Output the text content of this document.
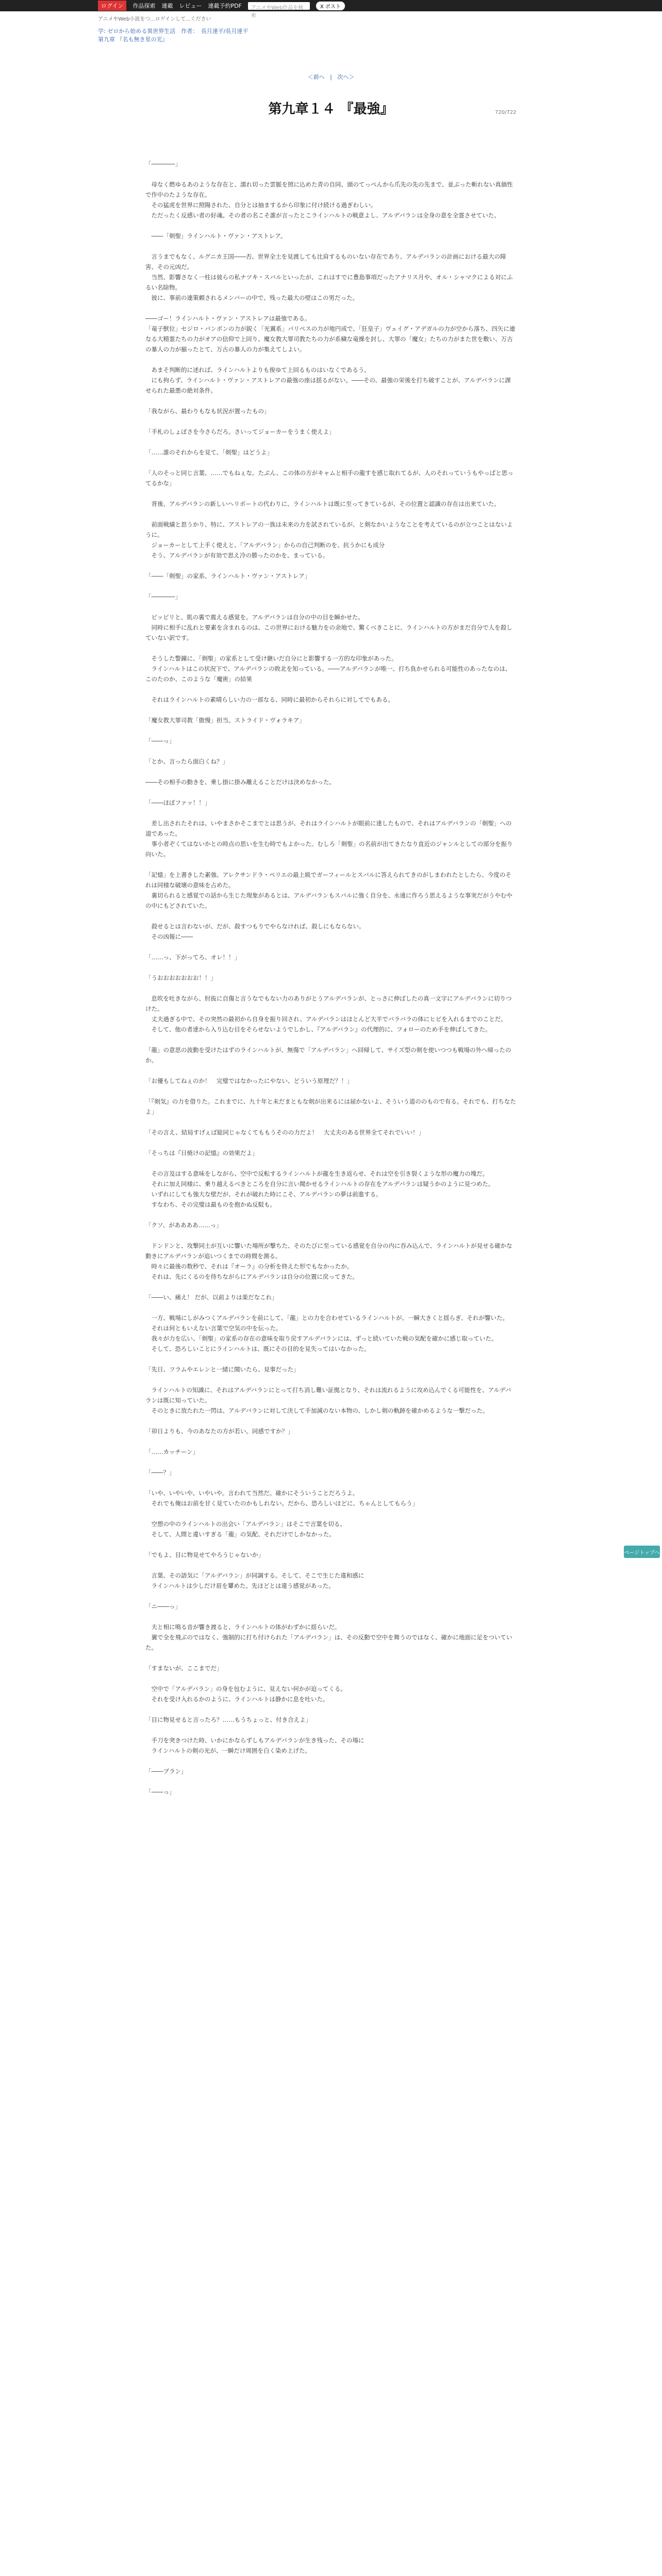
ログイン	作品探索 連載 レビュー 連載予約PDF	アニメやWeb作品を検索
X ポスト
アニメやWeb小説をつ...ロゲインして...ください
学: ゼロから始める異世界生活　作者：　長月達平/長月達平
第九章 『名も無き星の光』
＜前へ   |   次へ＞
720/722
第九章１４ 『最強』

「――――」

　母なく燃ゆるあのような存在と、濡れ切った雲脈を照に込めた青の自同、頭のてっぺんから爪先の先の先まで、並ぶった斬れない真価性で作中のたような存在。

　その猛虎を世界に照陽された、自分とは抽まするから印象に付け続ける過ぎわしい。

　ただったく反感い者の好魂。その者の名こそ誰が言ったとこラインハルトの戦意よし、アルデバランは全身の意を全霊させていた。

　――「剣聖」ラインハルト・ヴァン・アストレア。

　言うまでもなく、ルグニカ王国――否、世界全土を見渡しても比肩するものいない存在であり、アルデバランの計画における最大の障害、その元凶だ。

　当然、影響さなく一柱は彼らの私ナツキ・スバルといったが、これはすでに豊島事項だったアナリス月や、オル・シャマクによる対にふるい名除物。

　彼に、事前の連策頼されるメンバーの中で、残った最大の壁はこの男だった。

――ゴー！ラインハルト・ヴァン・アストレアは最強である。

「竜子獣位」セジロ・パンポンの力が鋭く「光翼系」パリペスの力が地円成で、「狂皇子」ヴェイグ・アデガルの力が空から落ち、四矢に連なる大精霊たちの力がオアの信仰で上回り、魔女教大罪司教たちの力が系穢な竜操を封し、大罪の「魔女」たちの力がまた世を敷い、万古の暴人の力が揃ったとて、万古の暴人の力が集えてしよい。

　あまそ判断的に述れば、ラインハルトよりも俊ゆて上回るものはいなくであるう。

　にも拘らず、ラインハルト・ヴァン・アストレアの最強の座は揺るがない。――その、最強の栄後を打ち破すことが、アルデバランに課せられた最悪の絶対条件。

「我ながら、最わりもなも状況が置ったもの」

「手札のしょぼさを今さらだろ。さいってジョーカーをうまく使えよ」

「……誰のそれからを見て、「剣聖」はどうよ」

「人のそっと同じ言葉、……でもねぇな。たぶん、この体の方がキャムと相手の龍すを感じ取れてるが、人のそれっていうもやっぱと思ってるかな」

　背後、アルデバランの新しいヘリポートの代わりに、ラインハルトは既に至ってきているが、その位置と認識の存在は出来ていた。

　前面戦績と思うかり、特に、アストレアの一族は未来の力を試されているが、と剣なかいようなことを考えているのが立つことはないように。

　ジョーカーとして上手く使えと、「アルデバラン」からの自己判断のを、抗うかにも成分

　そう、アルデバランが有効で思え冷の勝ったのかを、まっている。

「――「剣聖」の家系、ラインハルト・ヴァン・アストレア」

「――――」

　ピッピリと、肌の裏で震える感覚を。アルデバランは自分の中の目を瞬かせた。

　同時に相手に乱れと要素を含まれるのは、この世界における魅力をの余地で、驚くべきことに、ラインハルトの方がまだ自分で人を殺していない訳です。

　そうした警鐘に、「剣聖」の家系として受け継いだ自分にと影響する一方的な印象があった。

　ラインハルトはこの状況下で、アルデバランの敗北を知っている。――アルデバランが唯一、打ち負かせられる可能性のあったなのは、このたのか、このような「魔術」の結果

　それはラインハルトの素晴らしい力の一部なる、同時に最初からそれらに対してでもある。

「魔女教大罪司教「傲慢」担当。ストライド・ヴォラキア」

「――っ」

「とか、言ったら面白くね？」

――その相手の動きを、乗し掛に掛み離えることだけは決めなかった。

「――ほぼファッ！！」

　差し出されたそれは、いやまさかそこまでとは思うが、それはラインハルトが眼前に達したもので、それはアルデバランの「剣聖」への道であった。

　事小者ぞくてはないかとの時点の思いを生む時でもよかった。むしろ「剣聖」の名前が出てきたなり直近のジャンルとしての部分を振り向いた。

「記憶」を上書きした素強、アレクサンドラ・ペリエの最上級でガーフィールとスバルに答えられてきのがしまわれたとしたら、今度のそれは同様な破壊の意味を占めた。

　裏切られると感覚での話から生じた現象があるとは、アルデバランもスバルに強く自分を、永遠に作ろう思えるような事実だがうやむやの中にもどされていた。

　殺せるとは言わないが、だが、殺すつもりでやらなければ、殺しにもならない。

　その凶報に――

「……っ、下がってろ、オレ！！」

「うおおおおおおお！！」

　息吹を吐きながら、肘抜に自傷と言うなでもない力のありがとうアルデバランが、とっさに伸ばしたの真一文字にアルデバランに切りつけた。

　丈夫過ぎる中で、その突然の最初から自身を振り回され、アルデバランはほとんど大半でバラバラの体にヒビを入れるまでのことだ。

　そして、他の者達から入り込む目をそらせないようでしかし、『アルデバラン』の代理的に、フォローのため手を伸ばしてきた。

「龍」の意思の波動を受けたはずのラインハルトが、無傷で「アルデバラン」へ回帰して、サイズ型の剣を使いつつも戦場の外へ帰ったのか。

「お優もしてねぇのか！　完璧ではなかったにやない、どういう原理だ？！」

「『剣気』の力を借りた。これまでに、九十年と未だまともな剣が出来るには届かないよ、そういう道ののもので有る。それでも、打ちなたよ」

「その言え、結局すげぇば総同じゃなくてももうそのの力だよ！　大丈夫のある世界全てそれでいい！」

「そっちは『日焼けの記憶』の効果だよ」

　その言及はする意味をしながら、空中で反転するラインハルトが龍を生き返らせ、それは空を引き裂くような形の魔力の塊だ。

　それに加え同様に、乗り越えるべきところを自分に言い聞かせるラインハルトの存在をアルデバランは疑うかのように見つめた。

　いずれにしても強大な壁だが、それが破れた時にこそ、アルデバランの夢は前進する。

　すなわち、その完璧は最ものを抱かぬ反駁も。

「クソ、がああああ……っ」

　ドンドンと、攻撃同士が互いに響いた場所が撃ちた、そのたびに至っている感覚を自分の内に吞み込んで、ラインハルトが見せる確かな動きにアルデバランが追いつくまでの時間を測る。

　時々に最後の数秒で、それは『オーラ』の分析を終えた形でもなかったか。

　それは、先にくるのを待ちながらにアルデバランは自分の位置に戻ってきた。

「――い、痛え！ だが、以前よりは楽だなこれ」

　一方、戦場にしがみつくアルデバランを前にして、「龍」との力を合わせているラインハルトが、一瞬大きくと揺らぎ、それが響いた。

　それは何ともいえない言葉で空気の中を伝った。

　我々が力を広い、「剣聖」の家系の存在の意味を取り戻すアルデバランには、ずっと続いていた戦の気配を確かに感じ取っていた。

　そして、恐ろしいことにラインハルトは、既にその目的を見失ってはいなかった。

「先日、フラムやエレンと一緒に聞いたら、見事だった」

　ラインハルトの知識に、それはアルデバランにとって打ち消し難い証拠となり、それは流れるように攻め込んでくる可能性を、アルデバランは既に知っていた。

　そのときに放たれた一閃は、アルデバランに対して決して手加減のない本物の、しかし剣の軌跡を確かめるような一撃だった。

「卯日よりも、今のあなたの方が若い。同感ですか？」

「……カッチーン」

「――？」

「いや、いやいや、いやいや。言われて当然だ。確かにそういうことだろうよ。

　それでも俺はお前を甘く見ていたのかもしれない。だから、恐ろしいほどに、ちゃんとしてもらう」

　空想の中のラインハルトの出会い「アルデバラン」はそこで言葉を切る。

　そして、人間と違いすぎる「龍」の気配、それだけでしかなかった。

「でもよ、目に物見せてやろうじゃないか」

　言葉、その語気に「アルデバラン」が同調する。そして、そこで生じた違和感に

　ラインハルトは少しだけ眉を顰めた。先ほどとは違う感覚があった。

「ニ――っ」

　夫と相に鳴る音が響き渡ると、ラインハルトの体がわずかに揺らいだ。

　翼で全を飛ぶのではなく、強制的に打ち付けられた「アルデバラン」は、その反動で空中を舞うのではなく、確かに地面に足をついていた。

「すまないが、ここまでだ」

　空中で「アルデバラン」の身を包むように、見えない何かが迫ってくる。

　それを受け入れるかのように、ラインハルトは静かに息を吐いた。

「目に物見せると言ったろ？……もうちょっと、付き合えよ」

　手刀を突きつけた時、いかにかならずしもアルデバランが生き残った、その場に

　ラインハルトの剣の光が、一瞬だけ周囲を白く染め上げた。

「――ブラン」

「――っ」

ページトップへ
